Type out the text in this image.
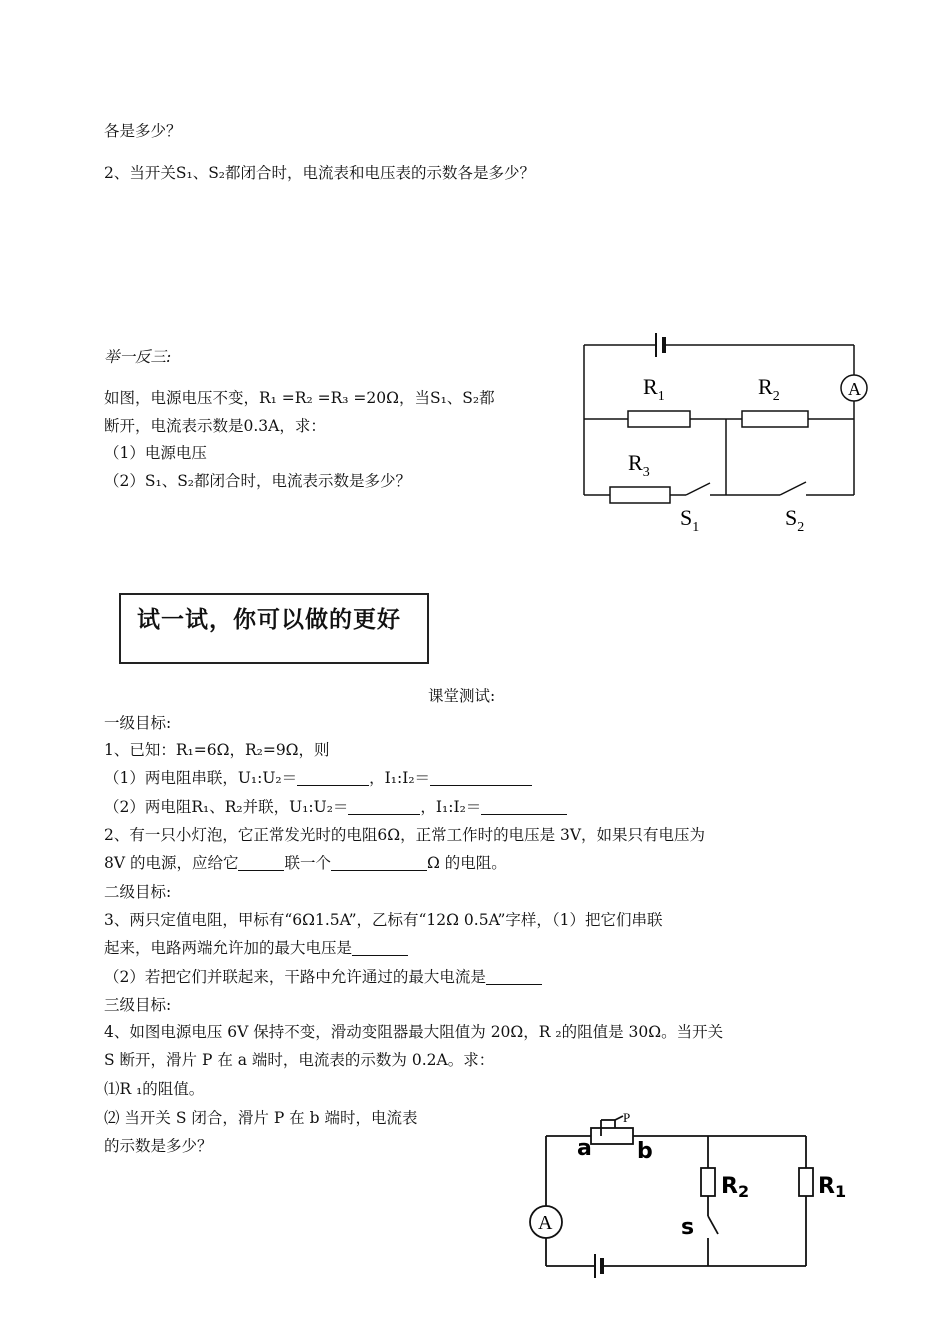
各是多少？
2、当开关S₁、S₂都闭合时，电流表和电压表的示数各是多少？
举一反三:
如图，电源电压不变，R₁ =R₂ =R₃ =20Ω，当S₁、S₂都
断开，电流表示数是0.3A，求：
（1）电源电压
（2）S₁、S₂都闭合时，电流表示数是多少？
A
$R_1$	$R_2$
$R_3$
$S_1$	$S_2$
试一试，你可以做的更好
课堂测试:
一级目标:
1、已知：R₁=6Ω，R₂=9Ω，则
（1）两电阻串联，U₁:U₂＝	，I₁:I₂＝
（2）两电阻R₁、R₂并联，U₁:U₂＝	，I₁:I₂＝
2、有一只小灯泡，它正常发光时的电阻6Ω，正常工作时的电压是 3V，如果只有电压为
8V 的电源，应给它	联一个	Ω 的电阻。
二级目标:
3、两只定值电阻，甲标有“6Ω1.5A”，乙标有“12Ω 0.5A”字样，（1）把它们串联
起来，电路两端允许加的最大电压是
（2）若把它们并联起来，干路中允许通过的最大电流是
三级目标:
4、如图电源电压 6V 保持不变，滑动变阻器最大阻值为 20Ω，R ₂的阻值是 30Ω。当开关
S 断开，滑片 P 在 a 端时，电流表的示数为 0.2A。求：
⑴R ₁的阻值。
⑵ 当开关 S 闭合，滑片 P 在 b 端时，电流表
的示数是多少？
A
a b
P
R2	R1
s
